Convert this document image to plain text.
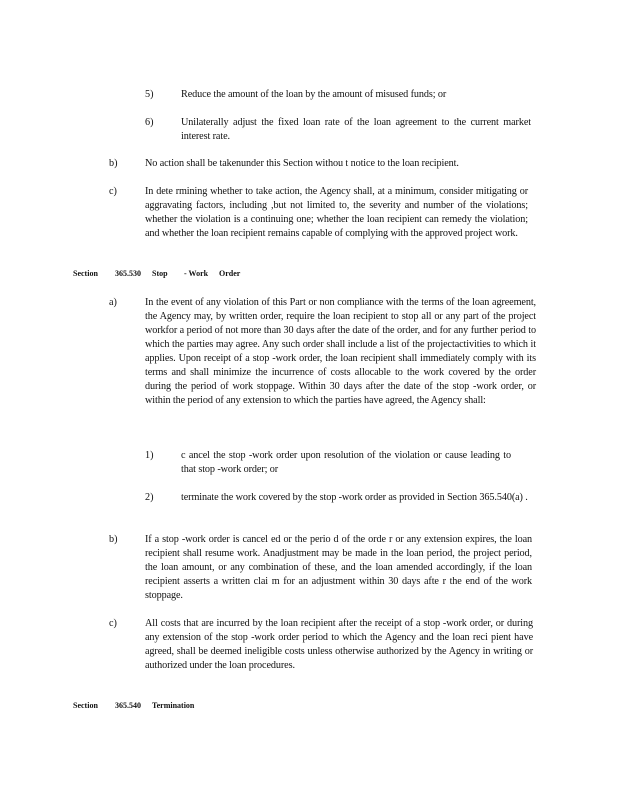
5)	Reduce the amount of the loan by the amount of misused funds; or
6)	Unilaterally adjust the fixed loan rate of the loan agreement to the current market interest rate.
b)	No action shall be takenunder this Section withou t notice to the loan recipient.
c)	In dete rmining whether to take action, the Agency shall, at a minimum, consider mitigating or aggravating factors, including ,but not limited to, the severity and number of the violations; whether the violation is a continuing one; whether the loan recipient can remedy the violation; and whether the loan recipient remains capable of complying with the approved project work.
Section 365.530 Stop - Work Order
a)	In the event of any violation of this Part or non compliance with the terms of the loan agreement, the Agency may, by written order, require the loan recipient to stop all or any part of the project workfor a period of not more than 30 days after the date of the order, and for any further period to which the parties may agree. Any such order shall include a list of the projectactivities to which it applies. Upon receipt of a stop -work order, the loan recipient shall immediately comply with its terms and shall minimize the incurrence of costs allocable to the work covered by the order during the period of work stoppage. Within 30 days after the date of the stop -work order, or within the period of any extension to which the parties have agreed, the Agency shall:
1)	c ancel the stop -work order upon resolution of the violation or cause leading to that stop -work order; or
2)	terminate the work covered by the stop -work order as provided in Section 365.540(a) .
b)	If a stop -work order is cancel ed or the perio d of the orde r or any extension expires, the loan recipient shall resume work. Anadjustment may be made in the loan period, the project period, the loan amount, or any combination of these, and the loan amended accordingly, if the loan recipient asserts a written clai m for an adjustment within 30 days afte r the end of the work stoppage.
c)	All costs that are incurred by the loan recipient after the receipt of a stop -work order, or during any extension of the stop -work order period to which the Agency and the loan reci pient have agreed, shall be deemed ineligible costs unless otherwise authorized by the Agency in writing or authorized under the loan procedures.
Section 365.540 Termination
